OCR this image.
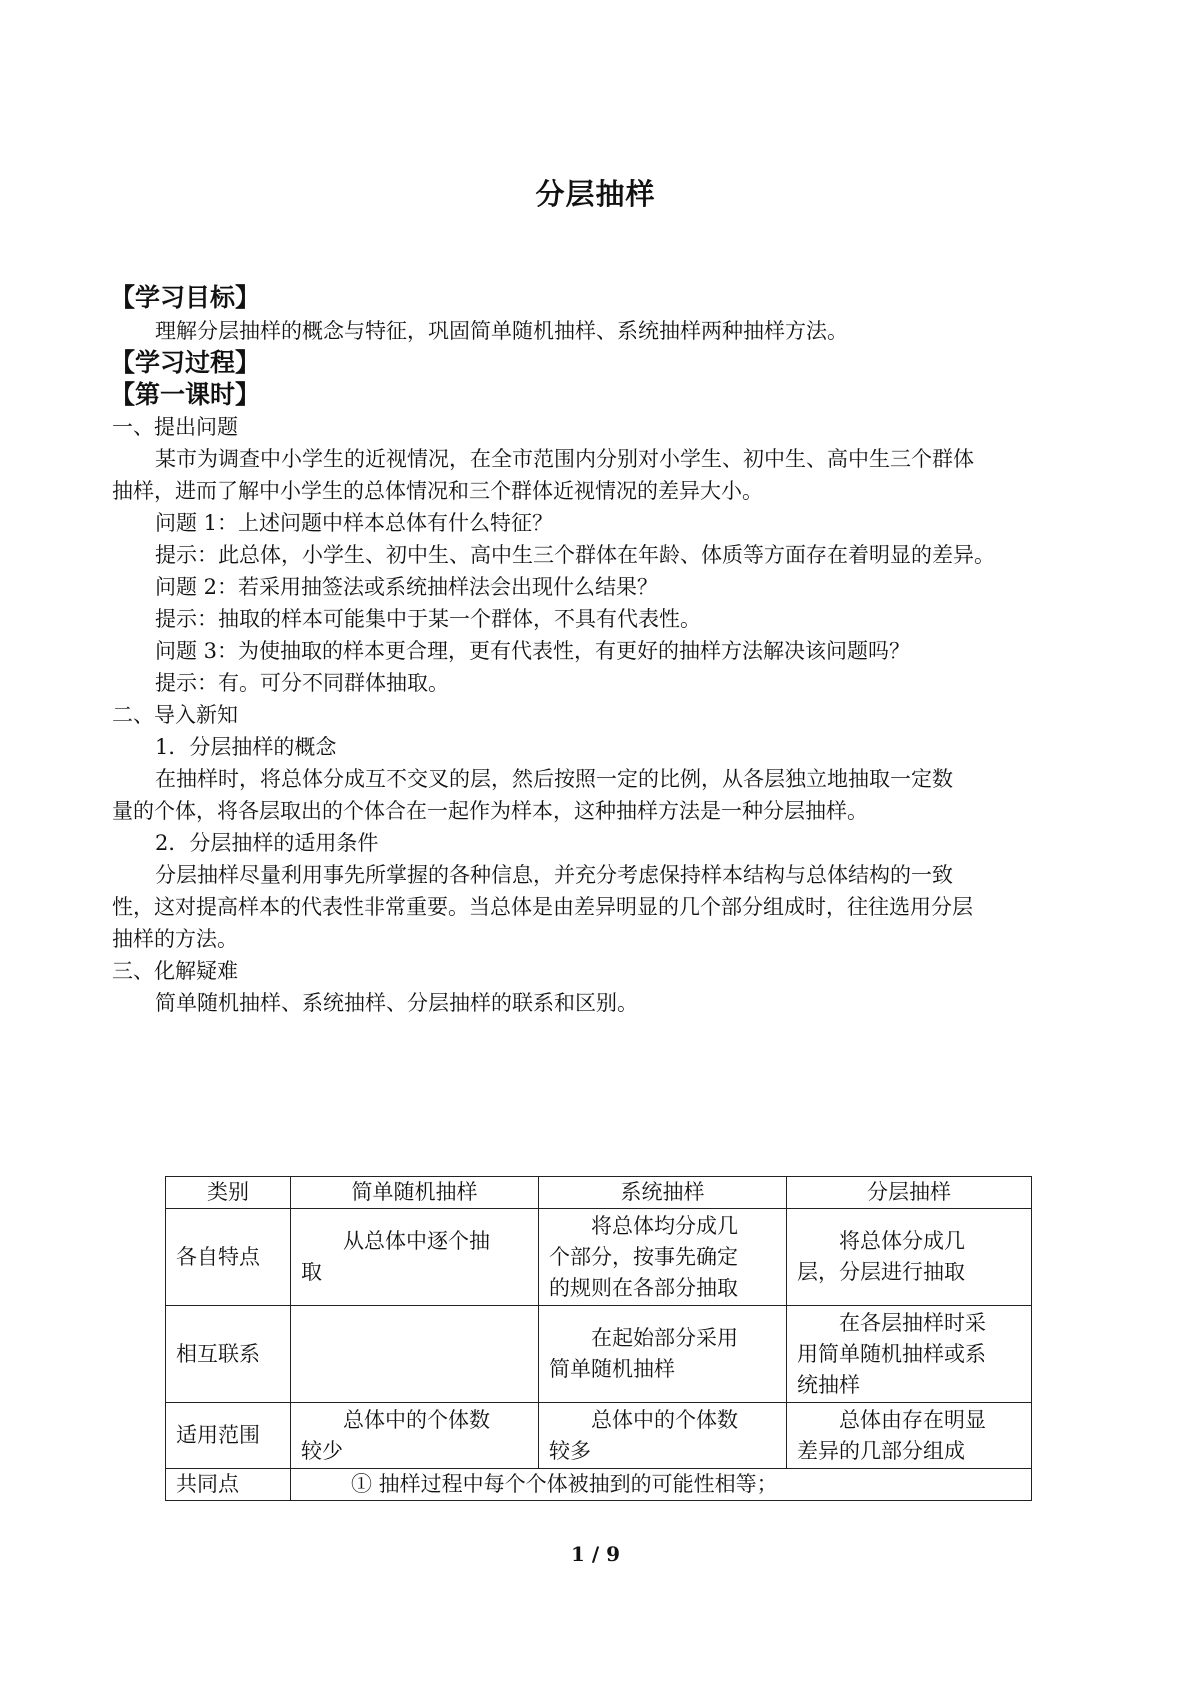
分层抽样
【学习目标】
理解分层抽样的概念与特征，巩固简单随机抽样、系统抽样两种抽样方法。
【学习过程】
【第一课时】
一、提出问题
某市为调查中小学生的近视情况，在全市范围内分别对小学生、初中生、高中生三个群体
抽样，进而了解中小学生的总体情况和三个群体近视情况的差异大小。
问题 1：上述问题中样本总体有什么特征？
提示：此总体，小学生、初中生、高中生三个群体在年龄、体质等方面存在着明显的差异。
问题 2：若采用抽签法或系统抽样法会出现什么结果？
提示：抽取的样本可能集中于某一个群体，不具有代表性。
问题 3：为使抽取的样本更合理，更有代表性，有更好的抽样方法解决该问题吗？
提示：有。可分不同群体抽取。
二、导入新知
1．分层抽样的概念
在抽样时，将总体分成互不交叉的层，然后按照一定的比例，从各层独立地抽取一定数
量的个体，将各层取出的个体合在一起作为样本，这种抽样方法是一种分层抽样。
2．分层抽样的适用条件
分层抽样尽量利用事先所掌握的各种信息，并充分考虑保持样本结构与总体结构的一致
性，这对提高样本的代表性非常重要。当总体是由差异明显的几个部分组成时，往往选用分层
抽样的方法。
三、化解疑难
简单随机抽样、系统抽样、分层抽样的联系和区别。
类别	简单随机抽样	系统抽样	分层抽样
各自特点	从总体中逐个抽
取	将总体均分成几
个部分，按事先确定
的规则在各部分抽取	将总体分成几
层，分层进行抽取

相互联系		在起始部分采用
简单随机抽样	在各层抽样时采
用简单随机抽样或系
统抽样

适用范围	总体中的个体数
较少	总体中的个体数
较多	总体由存在明显
差异的几部分组成

共同点	① 抽样过程中每个个体被抽到的可能性相等；		
1 / 9
